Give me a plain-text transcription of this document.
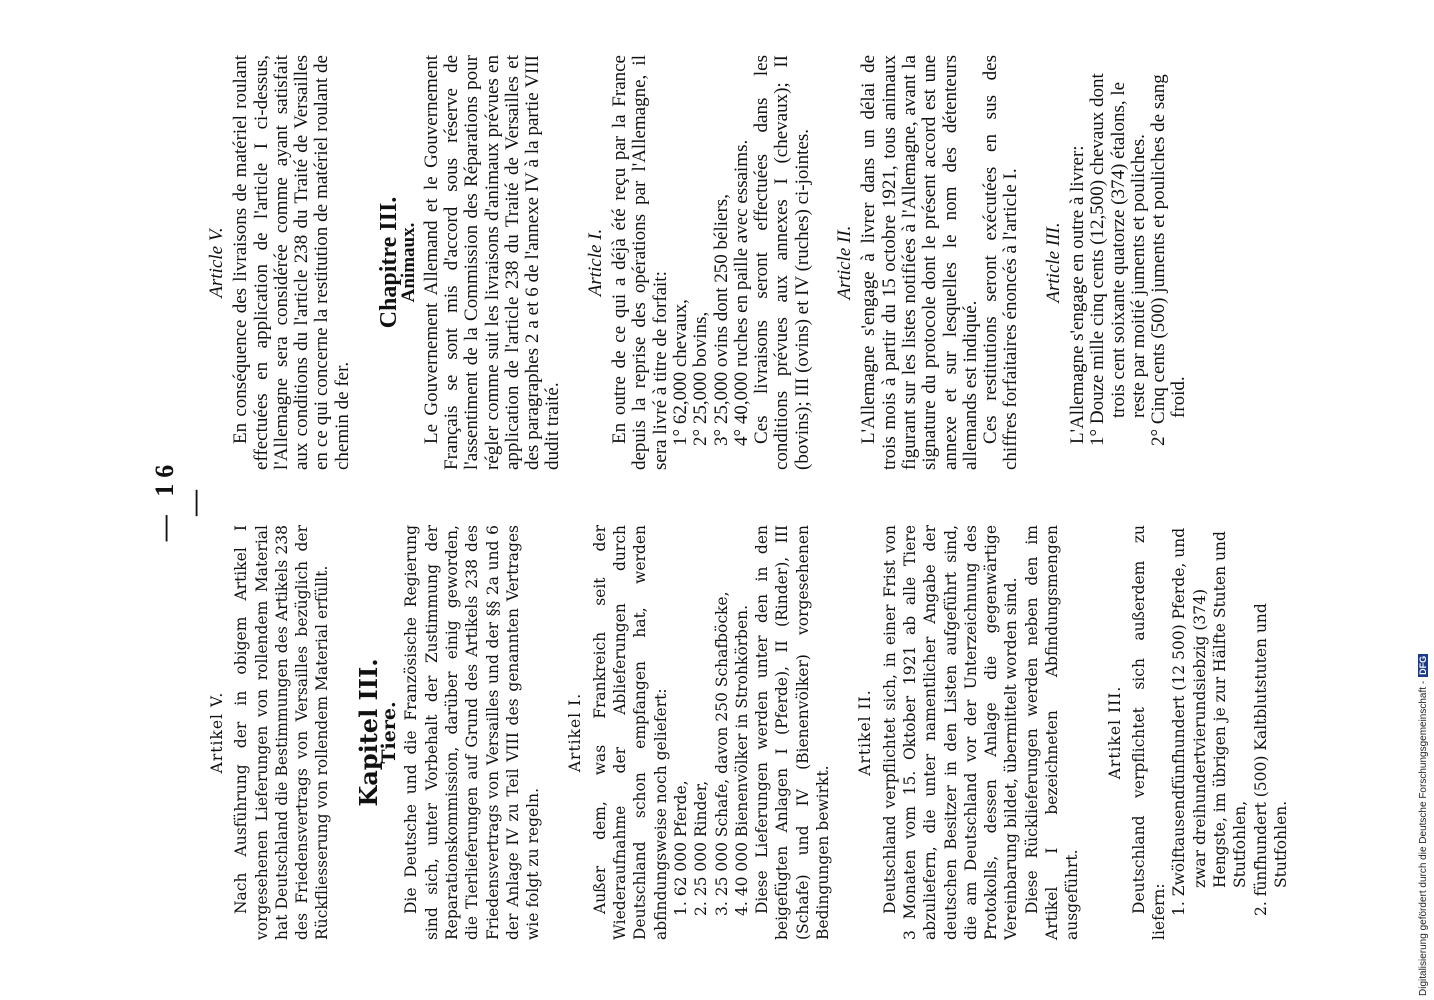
— 16 —
Artikel V. Nach Ausführung der in obigem Artikel I vorgesehenen Lieferungen von rollendem Material hat Deutschland die Bestimmungen des Artikels 238 des Friedensvertrags von Versailles bezüglich der Rückfliesserung von rollendem Material erfüllt. Kapitel III.
Tiere. Die Deutsche und die Französische Regierung sind sich, unter Vorbehalt der Zustimmung der Reparationskommission, darüber einig geworden, die Tierlieferungen auf Grund des Artikels 238 des Friedensvertrags von Versailles und der §§ 2a und 6 der Anlage IV zu Teil VIII des genannten Vertrages wie folgt zu regeln.

Artikel I. Außer dem, was Frankreich seit der Wiederaufnahme der Ablieferungen durch Deutschland schon empfangen hat, werden abfindungsweise noch geliefert: 1. 62 000 Pferde, 2. 25 000 Rinder, 3. 25 000 Schafe, davon 250 Schafböcke, 4. 40 000 Bienenvölker in Strohkörben. Diese Lieferungen werden unter den in den beigefügten Anlagen I (Pferde), II (Rinder), III (Schafe) und IV (Bienenvölker) vorgesehenen Bedingungen bewirkt.

Artikel II. Deutschland verpflichtet sich, in einer Frist von 3 Monaten vom 15. Oktober 1921 ab alle Tiere abzuliefern, die unter namentlicher Angabe der deutschen Besitzer in den Listen aufgeführt sind, die am Deutschland vor der Unterzeichnung des Protokolls, dessen Anlage die gegenwärtige Vereinbarung bildet, übermittelt worden sind. Diese Rücklieferungen werden neben den im Artikel I bezeichneten Abfindungsmengen ausgeführt.

Artikel III. Deutschland verpflichtet sich außerdem zu liefern: 1. Zwölftausendfünfhundert (12 500) Pferde, und zwar dreihundertvierundsiebzig (374) Hengste, im übrigen je zur Hälfte Stuten und Stutfohlen, 2. fünfhundert (500) Kaltblutstuten und Stutfohlen.
Article V. En conséquence des livraisons de matériel roulant effectuées en application de l'article I ci-dessus, l'Allemagne sera considérée comme ayant satisfait aux conditions du l'article 238 du Traité de Versailles en ce qui concerne la restitution de matériel roulant de chemin de fer.

Chapitre III.
Animaux. Le Gouvernement Allemand et le Gouvernement Français se sont mis d'accord sous réserve de l'assentiment de la Commission des Réparations pour régler comme suit les livraisons d'animaux prévues en application de l'article 238 du Traité de Versailles et des paragraphes 2 a et 6 de l'annexe IV à la partie VIII dudit traité.

Article I. En outre de ce qui a déjà été reçu par la France depuis la reprise des opérations par l'Allemagne, il sera livré à titre de forfait: 1° 62,000 chevaux, 2° 25,000 bovins, 3° 25,000 ovins dont 250 béliers, 4° 40,000 ruches en paille avec essaims. Ces livraisons seront effectuées dans les conditions prévues aux annexes I (chevaux); II (bovins); III (ovins) et IV (ruches) ci-jointes. Article II. L'Allemagne s'engage à livrer dans un délai de trois mois à partir du 15 octobre 1921, tous animaux figurant sur les listes notifiées à l'Allemagne, avant la signature du protocole dont le présent accord est une annexe et sur lesquelles le nom des détenteurs allemands est indiqué. Ces restitutions seront exécutées en sus des chiffres forfaitaires énoncés à l'article I. Article III. L'Allemagne s'engage en outre à livrer: 1° Douze mille cinq cents (12,500) chevaux dont trois cent soixante quatorze (374) étalons, le reste par moitié juments et pouliches. 2° Cinq cents (500) juments et pouliches de sang froid.
Digitalisierung gefördert durch die Deutsche Forschungsgemeinschaft -DFG
